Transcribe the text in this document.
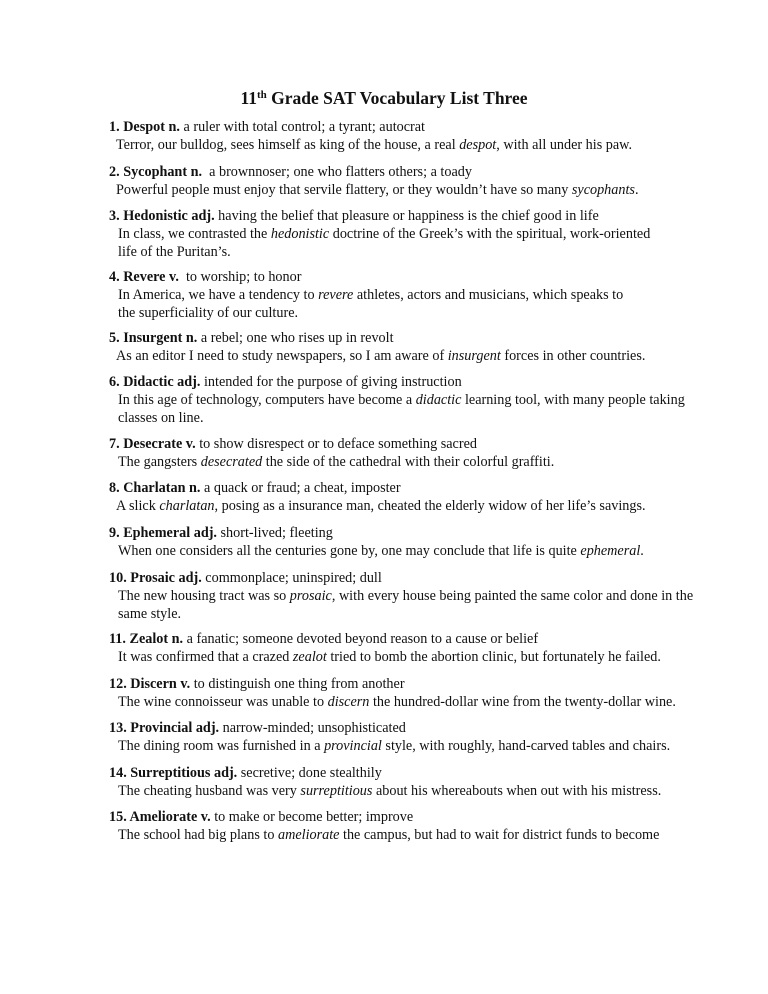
11th Grade SAT Vocabulary List Three
1. Despot n. a ruler with total control; a tyrant; autocrat
Terror, our bulldog, sees himself as king of the house, a real despot, with all under his paw.
2. Sycophant n.  a brownnoser; one who flatters others; a toady
Powerful people must enjoy that servile flattery, or they wouldn’t have so many sycophants.
3. Hedonistic adj. having the belief that pleasure or happiness is the chief good in life
In class, we contrasted the hedonistic doctrine of the Greek’s with the spiritual, work-oriented life of the Puritan’s.
4. Revere v.  to worship; to honor
In America, we have a tendency to revere athletes, actors and musicians, which speaks to the superficiality of our culture.
5. Insurgent n. a rebel; one who rises up in revolt
As an editor I need to study newspapers, so I am aware of insurgent forces in other countries.
6. Didactic adj. intended for the purpose of giving instruction
In this age of technology, computers have become a didactic learning tool, with many people taking classes on line.
7. Desecrate v. to show disrespect or to deface something sacred
The gangsters desecrated the side of the cathedral with their colorful graffiti.
8. Charlatan n. a quack or fraud; a cheat, imposter
A slick charlatan, posing as a insurance man, cheated the elderly widow of her life’s savings.
9. Ephemeral adj. short-lived; fleeting
When one considers all the centuries gone by, one may conclude that life is quite ephemeral.
10. Prosaic adj. commonplace; uninspired; dull
The new housing tract was so prosaic, with every house being painted the same color and done in the same style.
11. Zealot n. a fanatic; someone devoted beyond reason to a cause or belief
It was confirmed that a crazed zealot tried to bomb the abortion clinic, but fortunately he failed.
12. Discern v. to distinguish one thing from another
The wine connoisseur was unable to discern the hundred-dollar wine from the twenty-dollar wine.
13. Provincial adj. narrow-minded; unsophisticated
The dining room was furnished in a provincial style, with roughly, hand-carved tables and chairs.
14. Surreptitious adj. secretive; done stealthily
The cheating husband was very surreptitious about his whereabouts when out with his mistress.
15. Ameliorate v. to make or become better; improve
The school had big plans to ameliorate the campus, but had to wait for district funds to become
